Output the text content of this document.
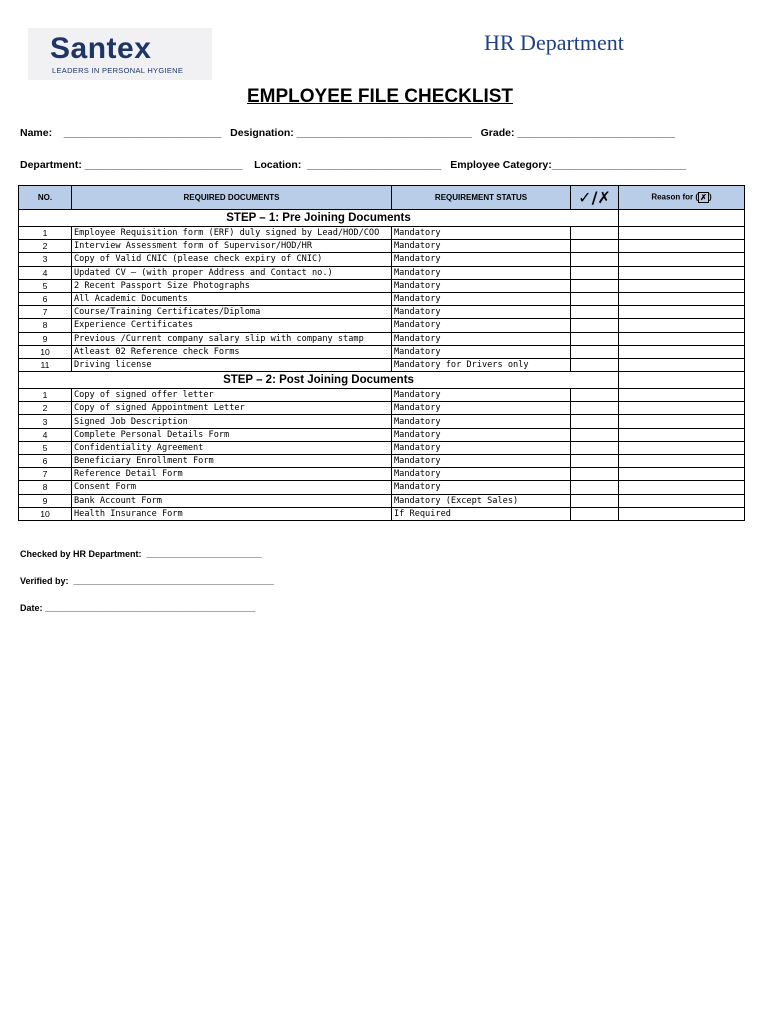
Santex
LEADERS IN PERSONAL HYGIENE
HR Department
EMPLOYEE FILE CHECKLIST
Name:    ___________________________   Designation: ______________________________   Grade: ___________________________
Department: ___________________________    Location:  _______________________   Employee Category:_______________________
NO.	REQUIRED DOCUMENTS	REQUIREMENT STATUS	✓/✗	Reason for ( ✗ )
STEP – 1: Pre Joining Documents				
1	Employee Requisition form (ERF) duly signed by Lead/HOD/COO	Mandatory		
2	Interview Assessment form of Supervisor/HOD/HR	Mandatory		
3	Copy of Valid CNIC (please check expiry of CNIC)	Mandatory		
4	Updated CV – (with proper Address and Contact no.)	Mandatory		
5	2 Recent Passport Size Photographs	Mandatory		
6	All Academic Documents	Mandatory		
7	Course/Training Certificates/Diploma	Mandatory		
8	Experience Certificates	Mandatory		
9	Previous /Current company salary slip with company stamp	Mandatory		
10	Atleast 02 Reference check Forms	Mandatory		
11	Driving license	Mandatory for Drivers only		
STEP – 2: Post Joining Documents				
1	Copy of signed offer letter	Mandatory		
2	Copy of signed Appointment Letter	Mandatory		
3	Signed Job Description	Mandatory		
4	Complete Personal Details Form	Mandatory		
5	Confidentiality Agreement	Mandatory		
6	Beneficiary Enrollment Form	Mandatory		
7	Reference Detail Form	Mandatory		
8	Consent Form	Mandatory		
9	Bank Account Form	Mandatory (Except Sales)		
10	Health Insurance Form	If Required		
Checked by HR Department:  _______________________
Verified by:  ________________________________________
Date: __________________________________________
